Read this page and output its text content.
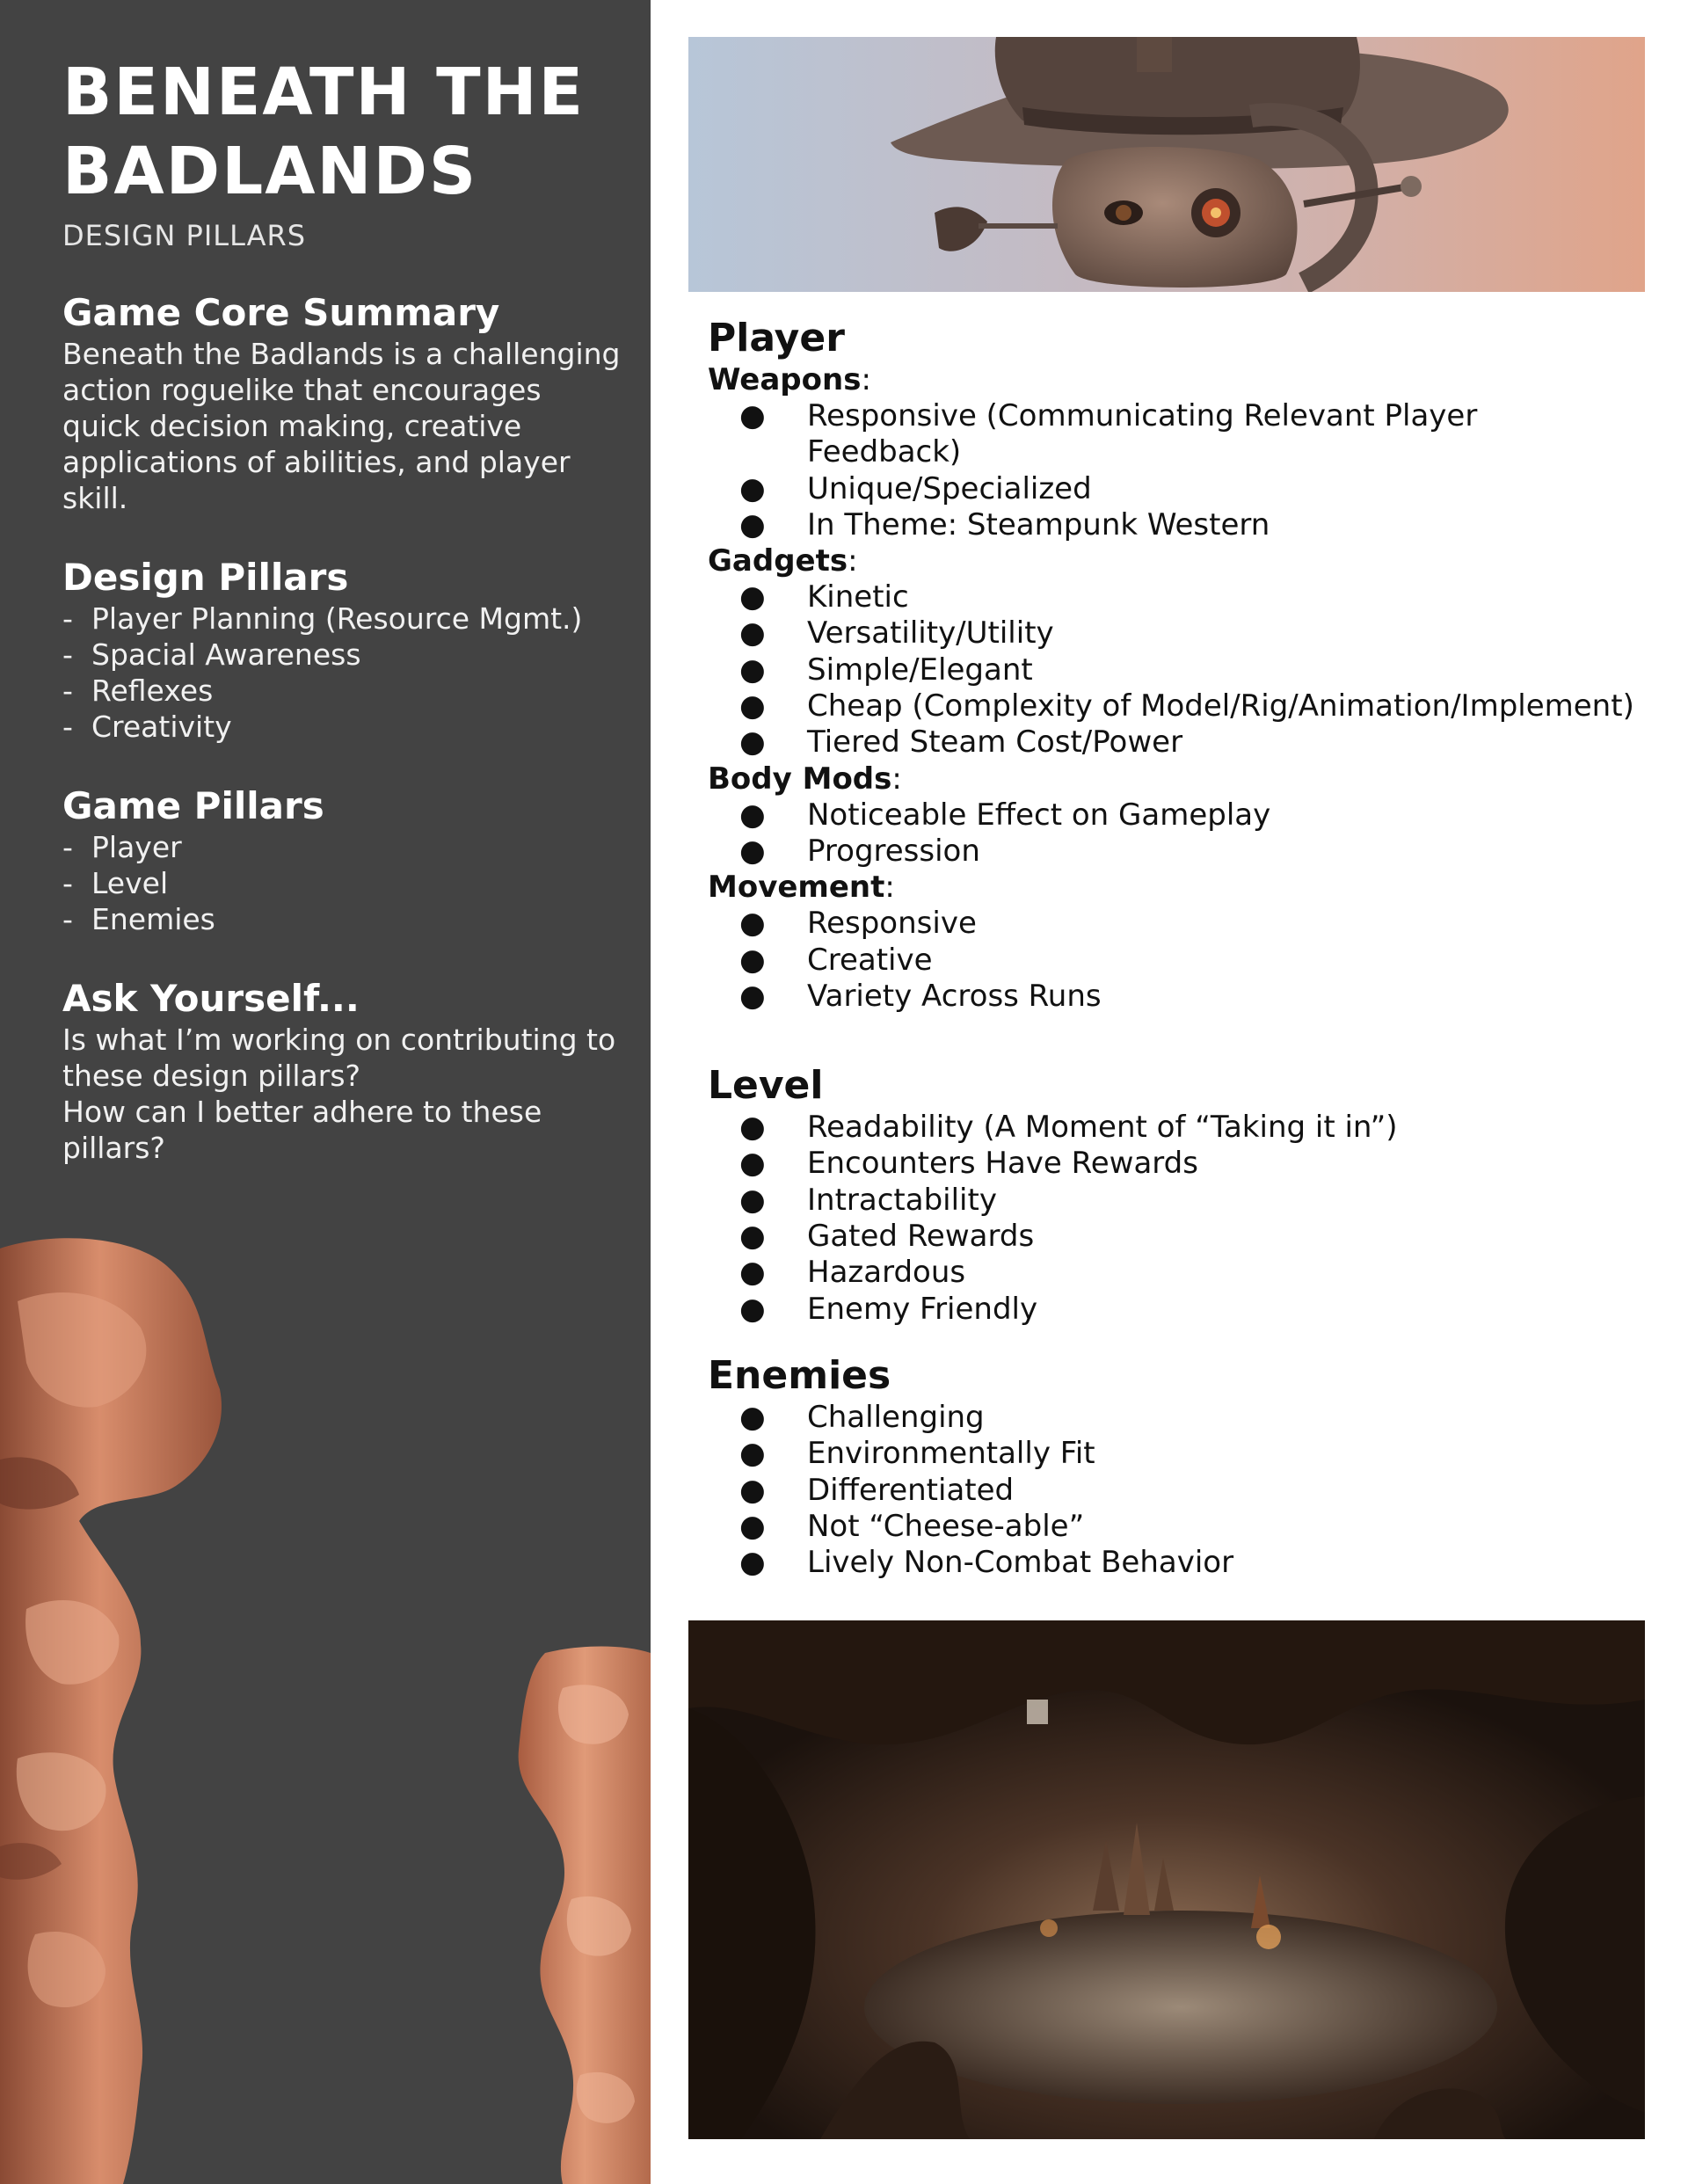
BENEATH THE
BADLANDS
DESIGN PILLARS
Game Core Summary

Beneath the Badlands is a challenging action roguelike that encourages quick decision making, creative applications of abilities, and player skill.

Design Pillars
- Player Planning (Resource Mgmt.)
- Spacial Awareness
- Reflexes
- Creativity
Game Pillars
- Player
- Level
- Enemies
Ask Yourself...

Is what I’m working on contributing to these design pillars?

How can I better adhere to these pillars?

Player
Weapons:
●	Responsive (Communicating Relevant Player Feedback)
●	Unique/Specialized
●	In Theme: Steampunk Western
Gadgets:
●	Kinetic
●	Versatility/Utility
●	Simple/Elegant
●	Cheap (Complexity of Model/Rig/Animation/Implement)
●	Tiered Steam Cost/Power
Body Mods:
●	Noticeable Effect on Gameplay
●	Progression
Movement:
●	Responsive
●	Creative
●	Variety Across Runs
Level
●	Readability (A Moment of “Taking it in”)
●	Encounters Have Rewards
●	Intractability
●	Gated Rewards
●	Hazardous
●	Enemy Friendly
Enemies
●	Challenging
●	Environmentally Fit
●	Differentiated
●	Not “Cheese-able”
●	Lively Non-Combat Behavior
